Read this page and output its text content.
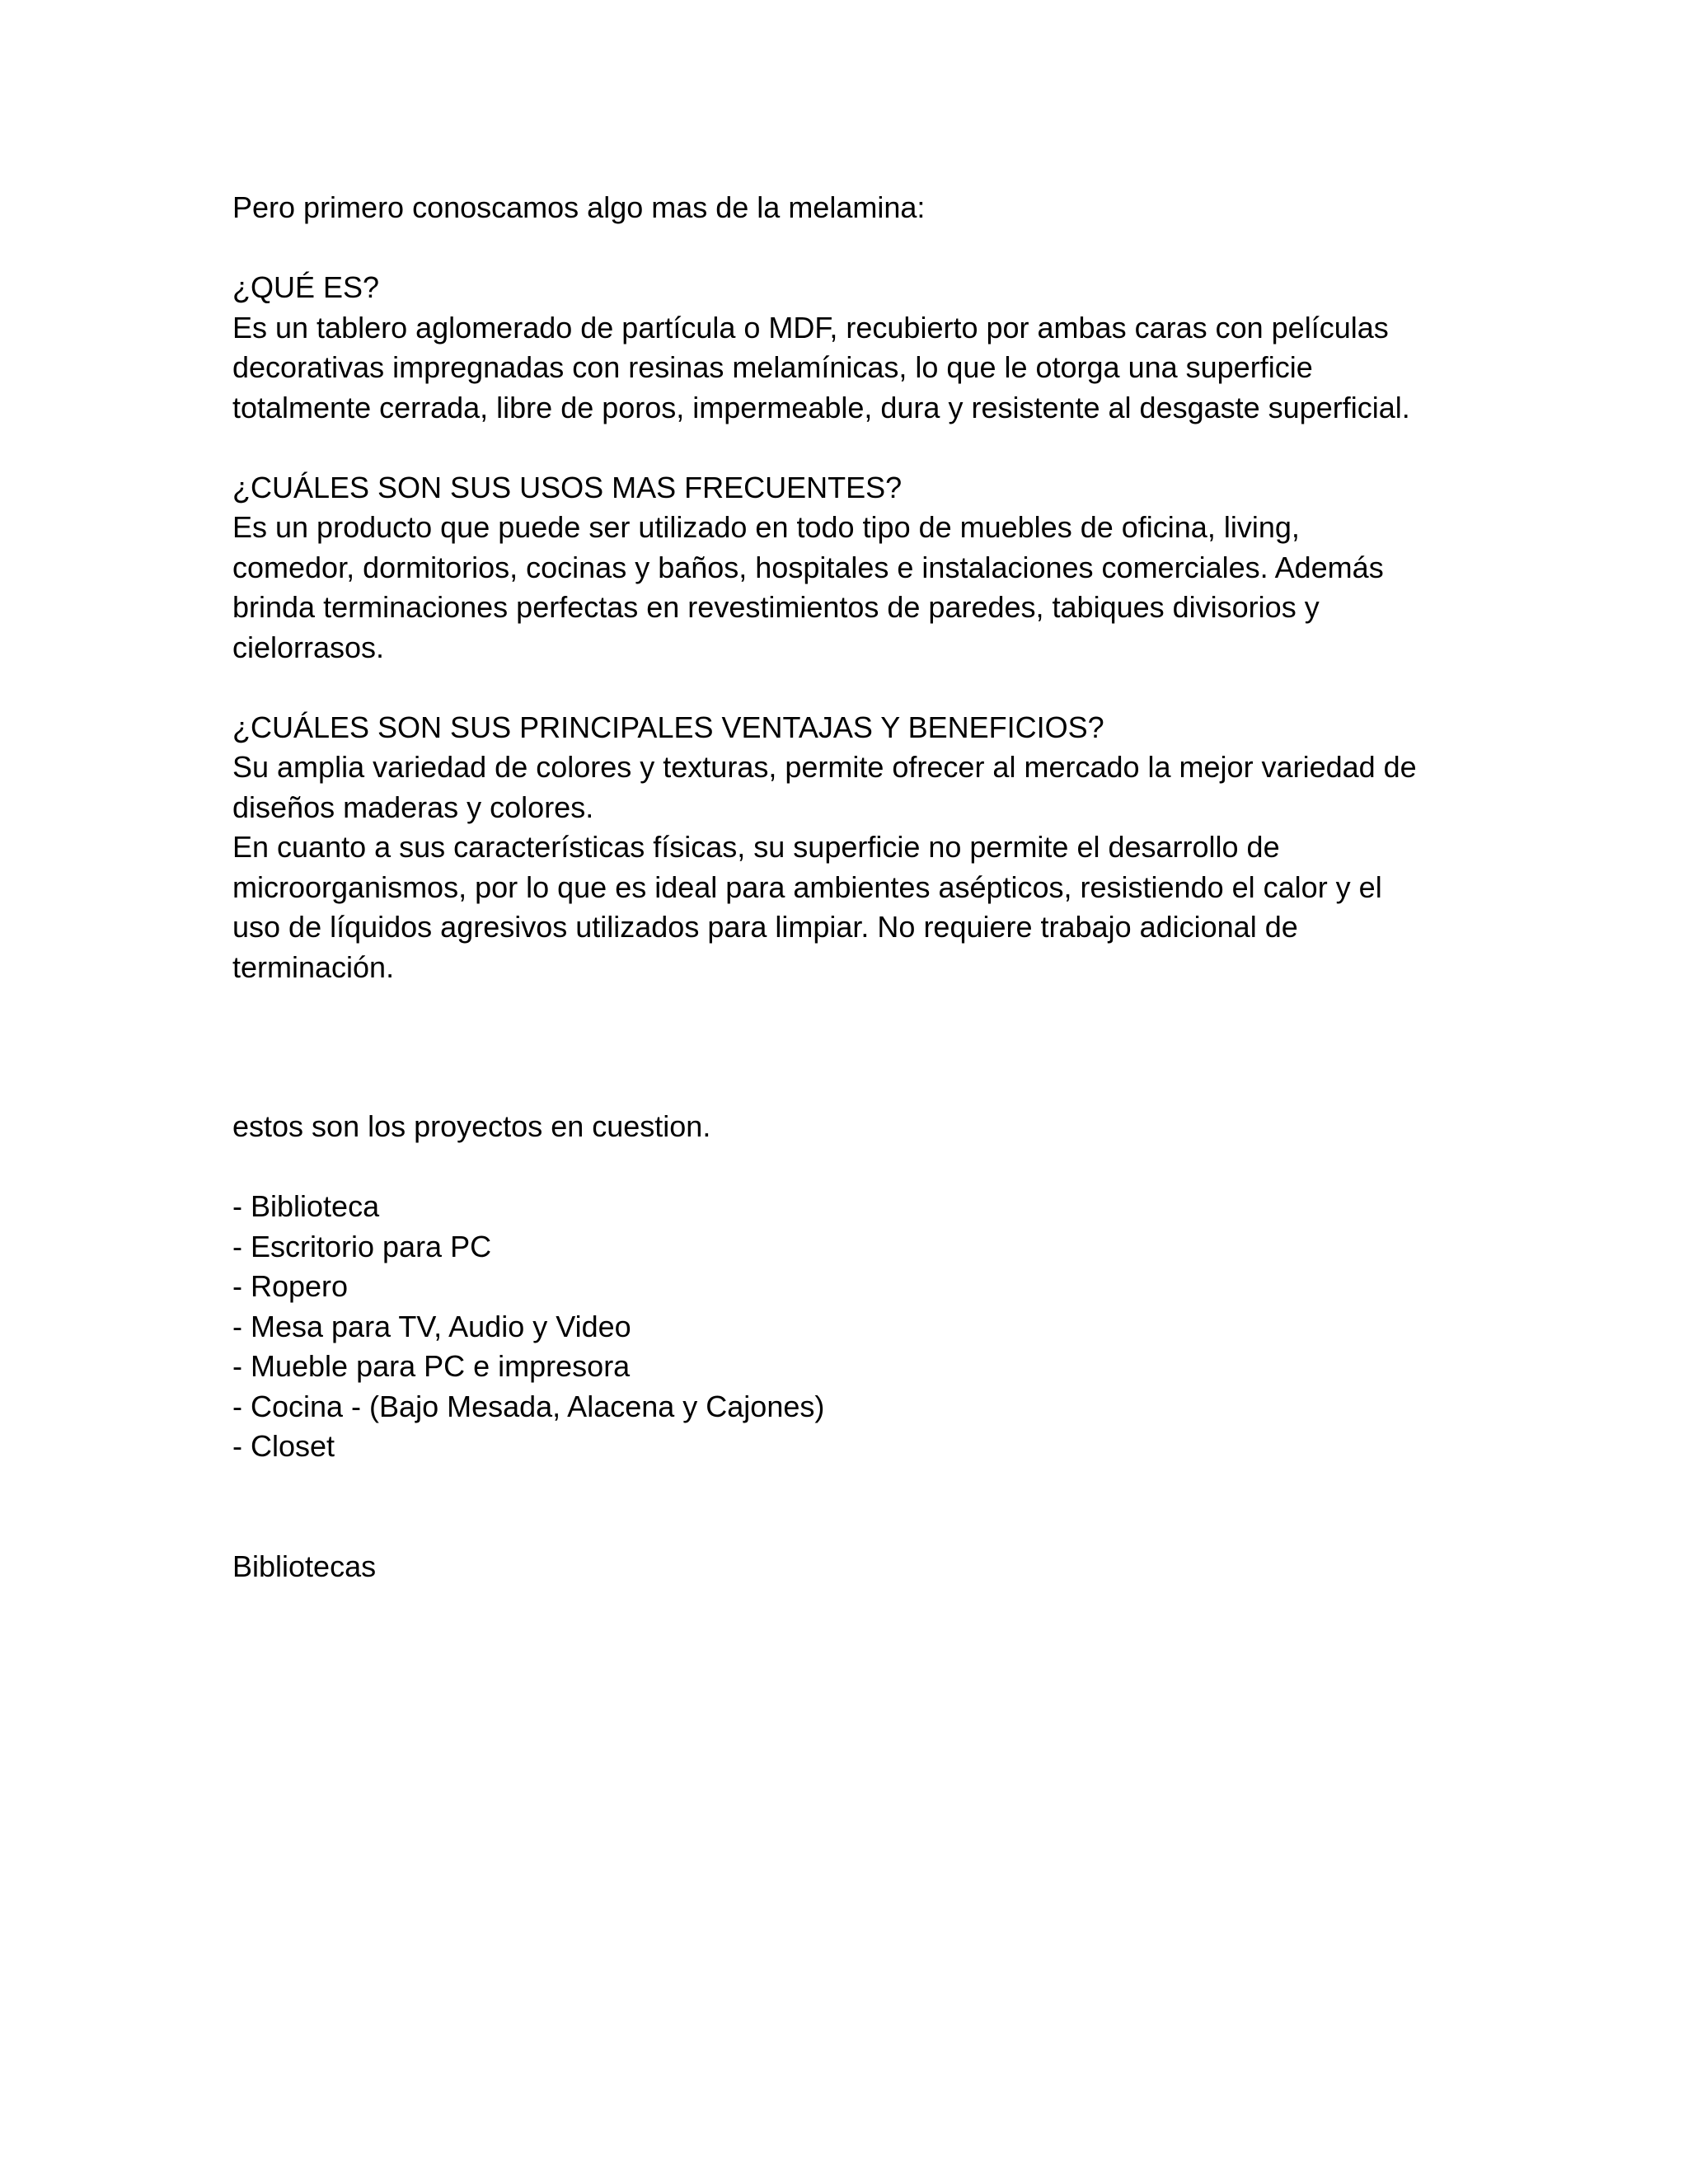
Pero primero conoscamos algo mas de la melamina:

¿QUÉ ES?

Es un tablero aglomerado de partícula o MDF, recubierto por ambas caras con películas

decorativas impregnadas con resinas melamínicas, lo que le otorga una superficie

totalmente cerrada, libre de poros, impermeable, dura y resistente al desgaste superficial.

¿CUÁLES SON SUS USOS MAS FRECUENTES?

Es un producto que puede ser utilizado en todo tipo de muebles de oficina, living,

comedor, dormitorios, cocinas y baños, hospitales e instalaciones comerciales. Además

brinda terminaciones perfectas en revestimientos de paredes, tabiques divisorios y

cielorrasos.

¿CUÁLES SON SUS PRINCIPALES VENTAJAS Y BENEFICIOS?

Su amplia variedad de colores y texturas, permite ofrecer al mercado la mejor variedad de

diseños maderas y colores.

En cuanto a sus características físicas, su superficie no permite el desarrollo de

microorganismos, por lo que es ideal para ambientes asépticos, resistiendo el calor y el

uso de líquidos agresivos utilizados para limpiar. No requiere trabajo adicional de

terminación.

estos son los proyectos en cuestion.

- Biblioteca

- Escritorio para PC

- Ropero

- Mesa para TV, Audio y Video

- Mueble para PC e impresora

- Cocina - (Bajo Mesada, Alacena y Cajones)

- Closet

Bibliotecas
